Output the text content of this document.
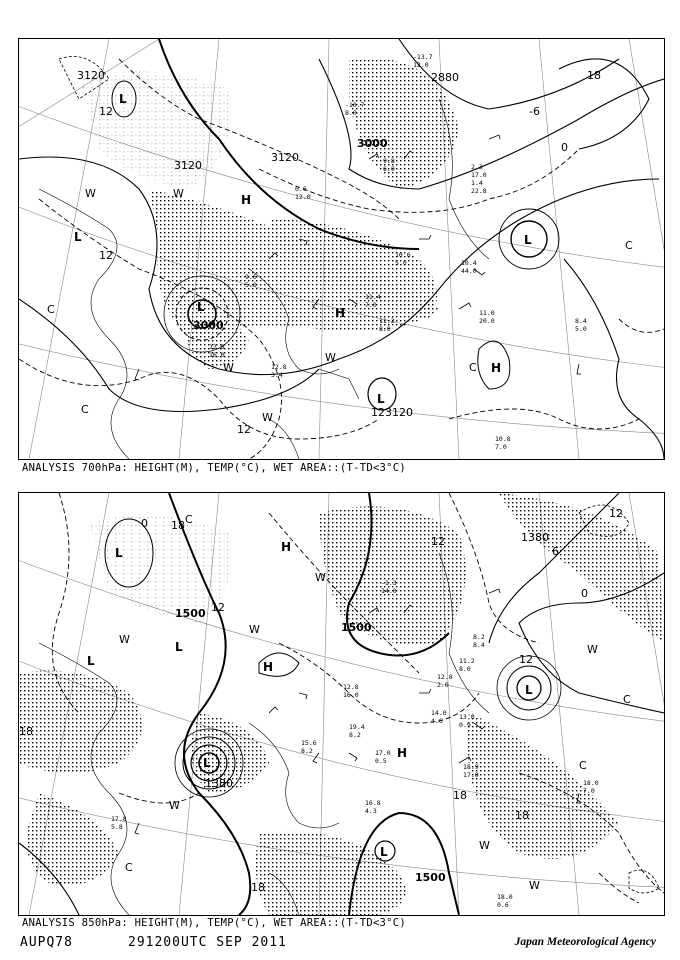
3120
3120
3120
3000
3000
2880
123120
12
12
12
0
-6
18
L
L
L
L
L
H
H
H
W	W
W
W
W
C
C
C
C
10.8
7.0
11.0
20.0	8.4
5.0
10.4
44.0
11.2
8.0
11.4
7.0
12.8
16.0
12.8
3.4
-10.7
8.0
9.8
6.0	2.3
17.0
1.4
22.8
10.6
5.0
0.6
12.0
9.6
5.0
-13.7
12.0
ANALYSIS 700hPa: HEIGHT(M), TEMP(°C), WET AREA::(T-TD<3°C)
1500
1500
1500
1380
1380
18
18
18
18
18
12
12
12
12
6
0
0
L
L
L
L
L
L
H
H
H
W
W
W
W
W
W
W
C
C
C
C
18.0
0.6
18.0
7.0
18.9
17.0
16.8
4.3
17.0
0.5
13.0
0.9
11.2
8.0
12.8
16.0
19.4
8.2
17.8
5.8
15.6
8.2
-1.3
14.0
14.0
4.6
12.8
2.0
8.2
8.4
ANALYSIS 850hPa: HEIGHT(M), TEMP(°C), WET AREA::(T-TD<3°C)
AUPQ78	291200UTC SEP 2011	Japan Meteorological Agency
